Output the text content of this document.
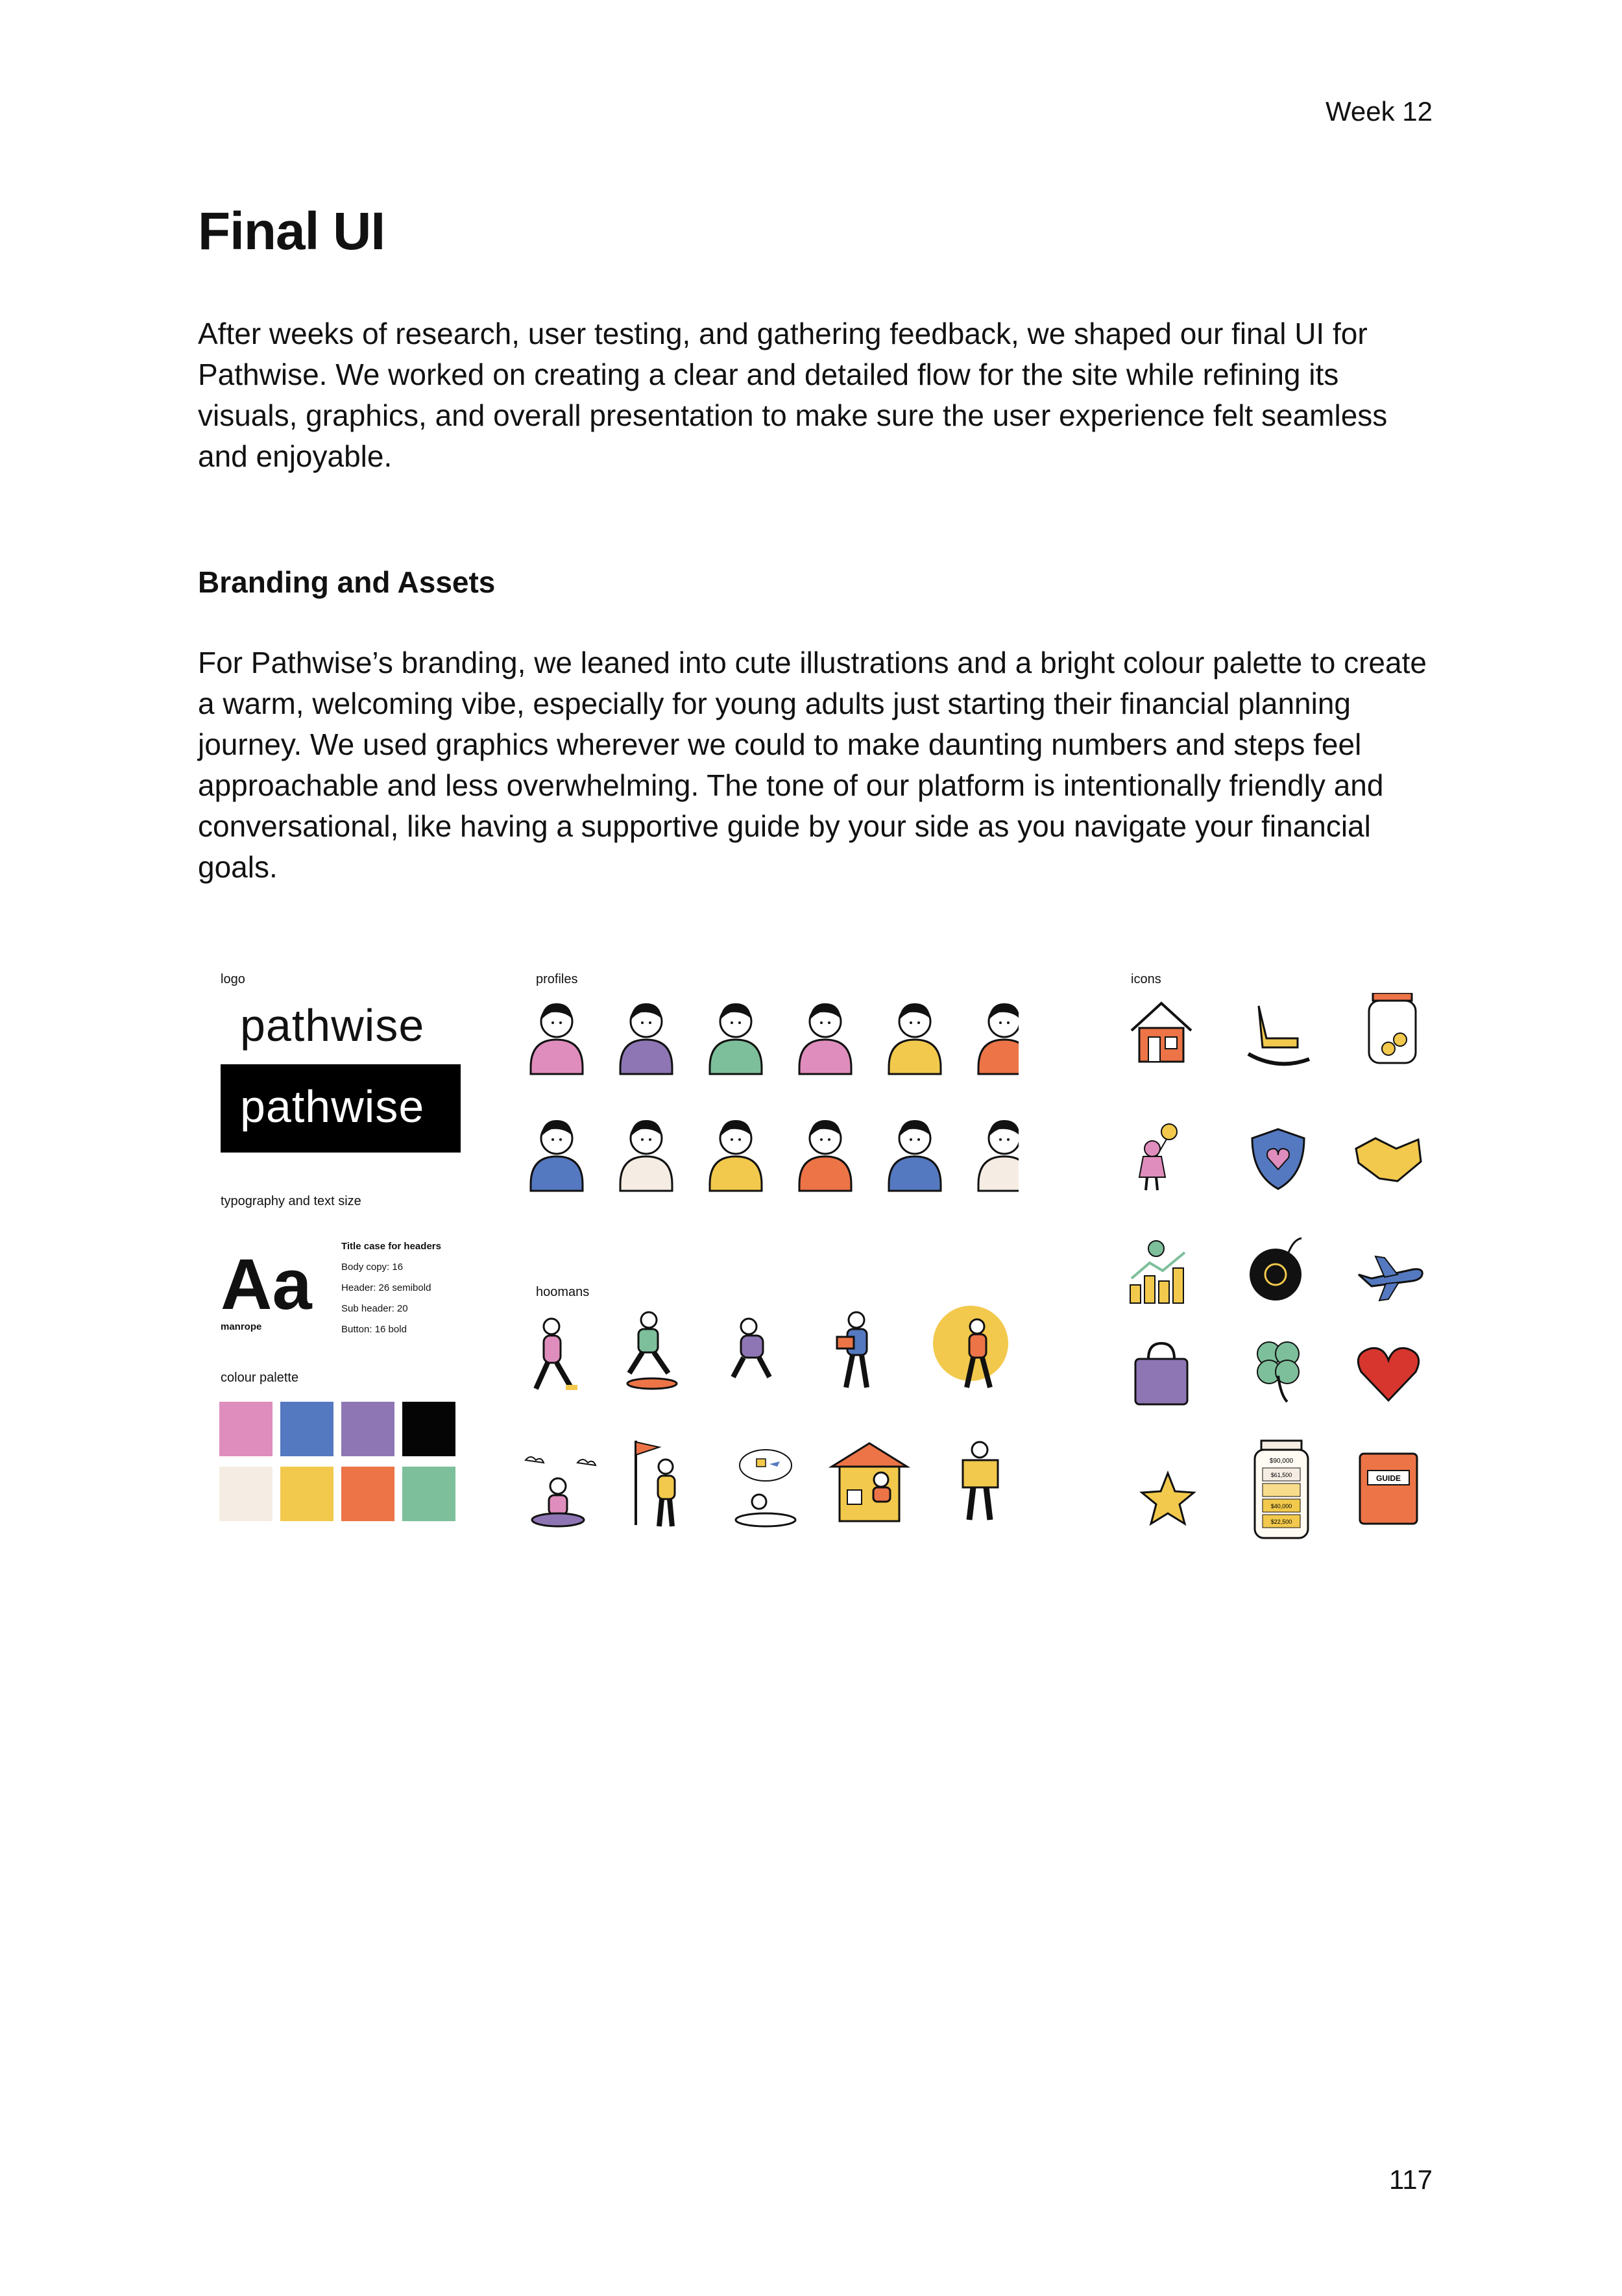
Week 12
Final UI

After weeks of research, user testing, and gathering feedback, we shaped our final UI for Pathwise. We worked on creating a clear and detailed flow for the site while refining its visuals, graphics, and overall presentation to make sure the user experience felt seamless and enjoyable.

Branding and Assets

For Pathwise’s branding, we leaned into cute illustrations and a bright colour palette to create a warm, welcoming vibe, especially for young adults just starting their financial planning journey. We used graphics wherever we could to make daunting numbers and steps feel approachable and less overwhelming. The tone of our platform is intentionally friendly and conversational, like having a supportive guide by your side as you navigate your financial goals.

logo
pathwise
pathwise
typography and text size
Aa
manrope
Title case for headers
Body copy: 16
Header: 26 semibold
Sub header: 20
Button: 16 bold
colour palette
profiles
hoomans
icons
$90,000
$61,500
$40,000
$22,500
GUIDE
117
